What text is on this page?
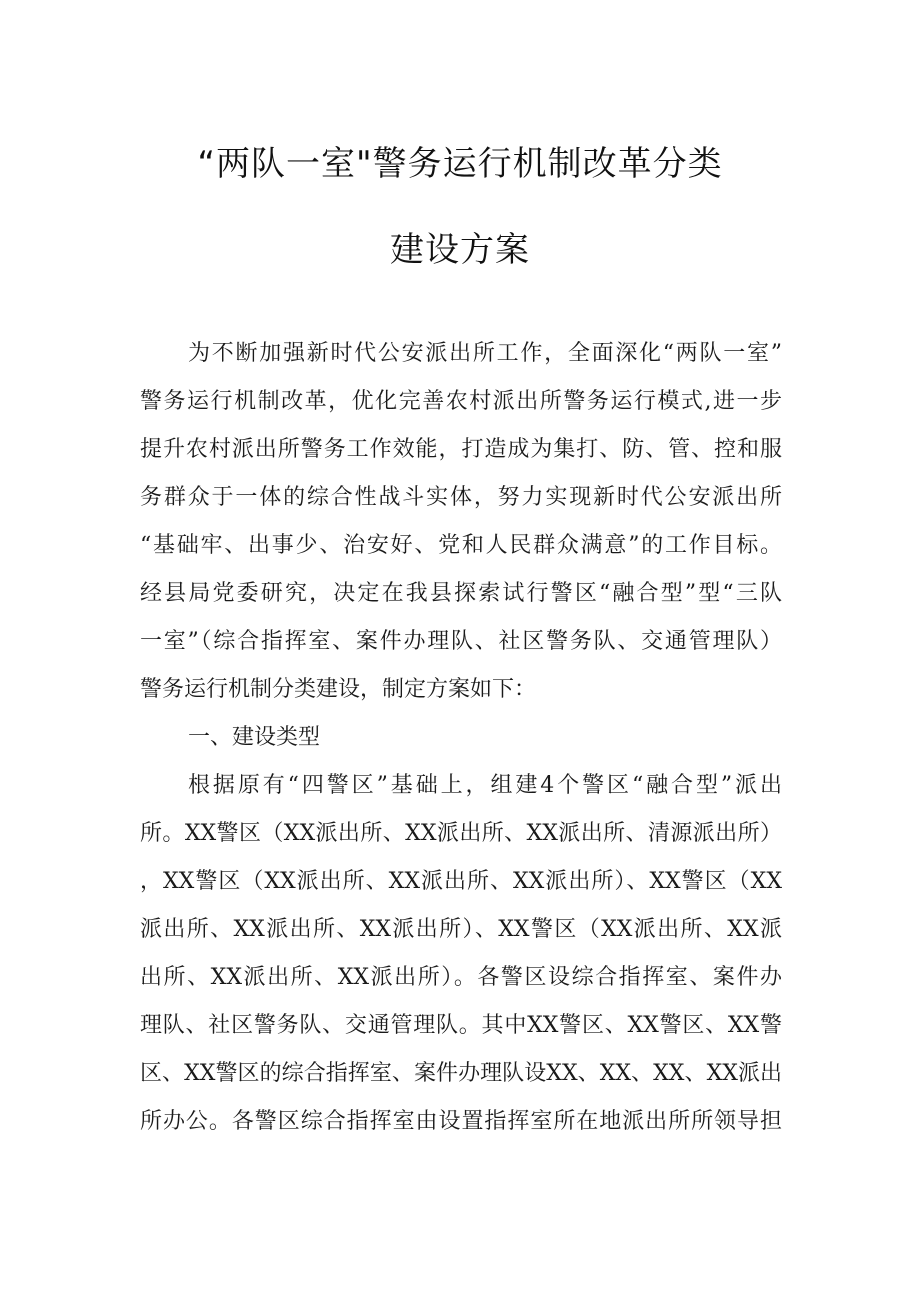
“两队一室"警务运行机制改革分类
建设方案
为不断加强新时代公安派出所工作，全面深化“两队一室”
警务运行机制改革，优化完善农村派出所警务运行模式,进一步
提升农村派出所警务工作效能，打造成为集打、防、管、控和服
务群众于一体的综合性战斗实体，努力实现新时代公安派出所
“基础牢、出事少、治安好、党和人民群众满意”的工作目标。
经县局党委研究，决定在我县探索试行警区“融合型”型“三队
一室”（综合指挥室、案件办理队、社区警务队、交通管理队）
警务运行机制分类建设，制定方案如下：
一、建设类型
根据原有“四警区”基础上，组建4个警区“融合型”派出
所。XX警区（XX派出所、XX派出所、XX派出所、清源派出所）
，XX警区（XX派出所、XX派出所、XX派出所）、XX警区（XX
派出所、XX派出所、XX派出所）、XX警区（XX派出所、XX派
出所、XX派出所、XX派出所）。各警区设综合指挥室、案件办
理队、社区警务队、交通管理队。其中XX警区、XX警区、XX警
区、XX警区的综合指挥室、案件办理队设XX、XX、XX、XX派出
所办公。各警区综合指挥室由设置指挥室所在地派出所所领导担
